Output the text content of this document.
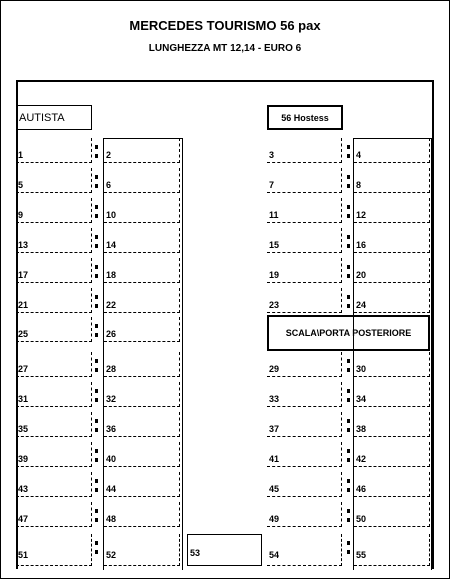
MERCEDES TOURISMO 56 pax
LUNGHEZZA MT 12,14 - EURO 6
AUTISTA	56 Hostess
1	2	3	4
5	6	7	8
9	10	11	12
13	14	15	16
17	18	19	20
21	22	23	24
25	26
27	28	29	30
31	32	33	34
35	36	37	38
39	40	41	42
43	44	45	46
47	48	49	50
51	52	54	55
SCALA\PORTA POSTERIORE
53
